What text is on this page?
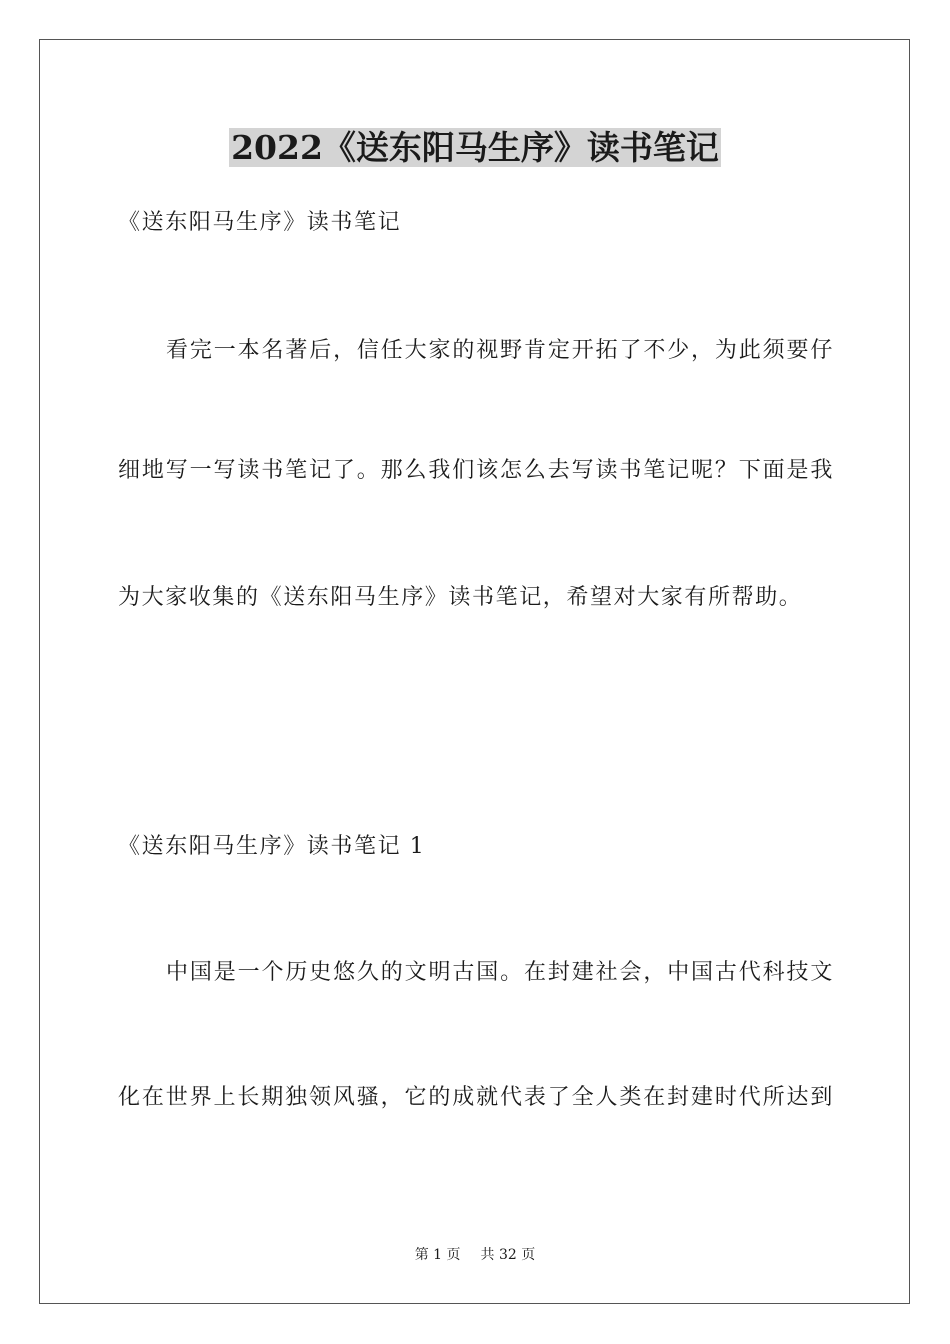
2022《送东阳马生序》读书笔记
《送东阳马生序》读书笔记
看完一本名著后，信任大家的视野肯定开拓了不少，为此须要仔
细地写一写读书笔记了。那么我们该怎么去写读书笔记呢？下面是我
为大家收集的《送东阳马生序》读书笔记，希望对大家有所帮助。
《送东阳马生序》读书笔记 1
中国是一个历史悠久的文明古国。在封建社会，中国古代科技文
化在世界上长期独领风骚，它的成就代表了全人类在封建时代所达到
第 1 页 共 32 页
